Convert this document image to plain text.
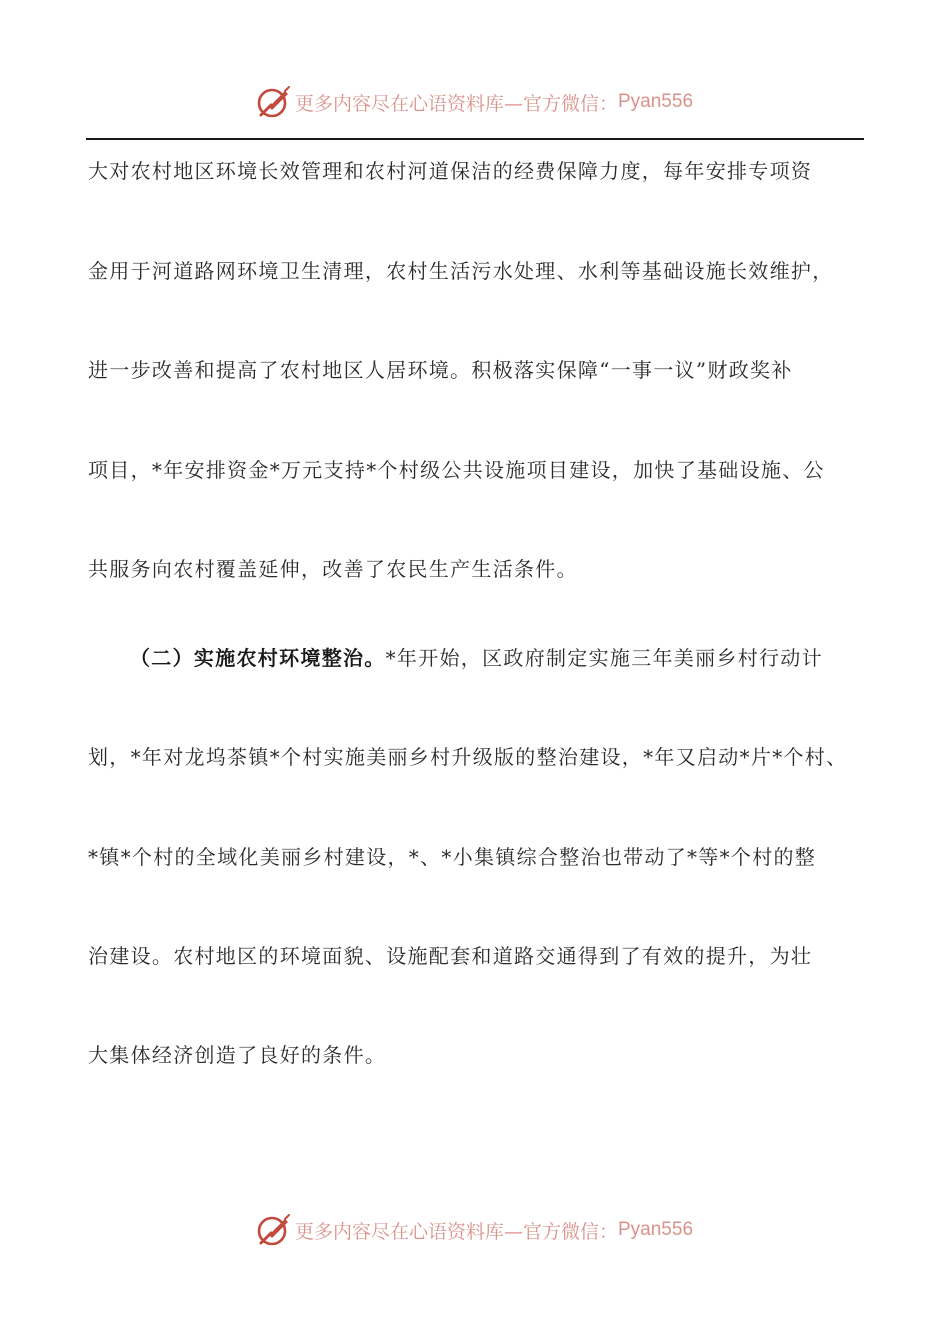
更多内容尽在心语资料库—官方微信： Pyan556
大对农村地区环境长效管理和农村河道保洁的经费保障力度，每年安排专项资
金用于河道路网环境卫生清理，农村生活污水处理、水利等基础设施长效维护，
进一步改善和提高了农村地区人居环境。积极落实保障“一事一议”财政奖补
项目，*年安排资金*万元支持*个村级公共设施项目建设，加快了基础设施、公
共服务向农村覆盖延伸，改善了农民生产生活条件。
（二）实施农村环境整治。*年开始，区政府制定实施三年美丽乡村行动计
划，*年对龙坞茶镇*个村实施美丽乡村升级版的整治建设，*年又启动*片*个村、
*镇*个村的全域化美丽乡村建设，*、*小集镇综合整治也带动了*等*个村的整
治建设。农村地区的环境面貌、设施配套和道路交通得到了有效的提升，为壮
大集体经济创造了良好的条件。
更多内容尽在心语资料库—官方微信： Pyan556
